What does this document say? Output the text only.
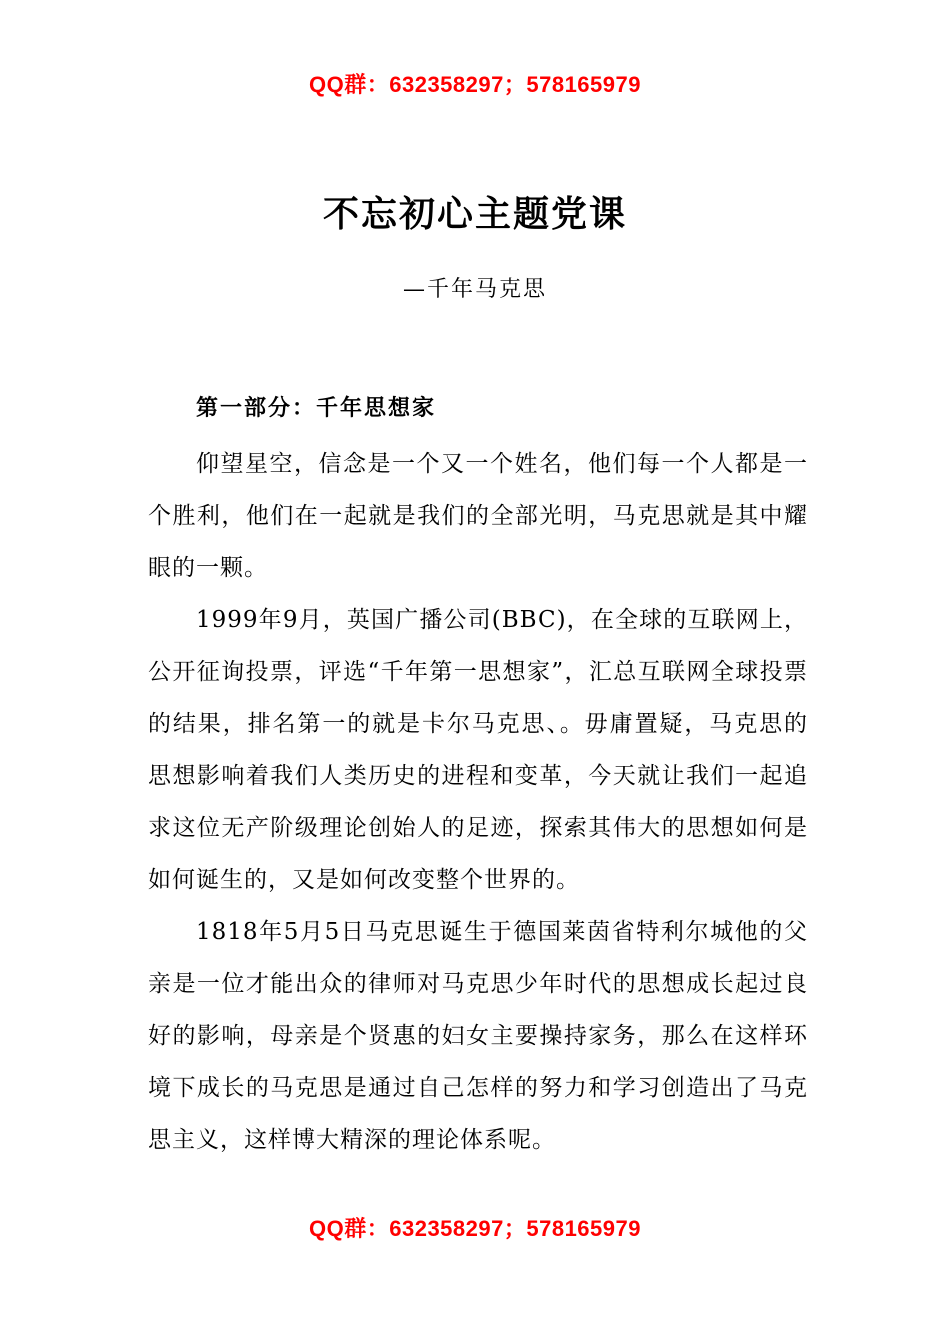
QQ群：632358297；578165979
不忘初心主题党课
—千年马克思

第一部分：千年思想家

仰望星空，信念是一个又一个姓名，他们每一个人都是一个胜利，他们在一起就是我们的全部光明，马克思就是其中耀眼的一颗。

1999年9月，英国广播公司(BBC)，在全球的互联网上，公开征询投票，评选“千年第一思想家”，汇总互联网全球投票的结果，排名第一的就是卡尔马克思、。毋庸置疑，马克思的思想影响着我们人类历史的进程和变革，今天就让我们一起追求这位无产阶级理论创始人的足迹，探索其伟大的思想如何是如何诞生的，又是如何改变整个世界的。

1818年5月5日马克思诞生于德国莱茵省特利尔城他的父亲是一位才能出众的律师对马克思少年时代的思想成长起过良好的影响，母亲是个贤惠的妇女主要操持家务，那么在这样环境下成长的马克思是通过自己怎样的努力和学习创造出了马克思主义，这样博大精深的理论体系呢。

QQ群：632358297；578165979
